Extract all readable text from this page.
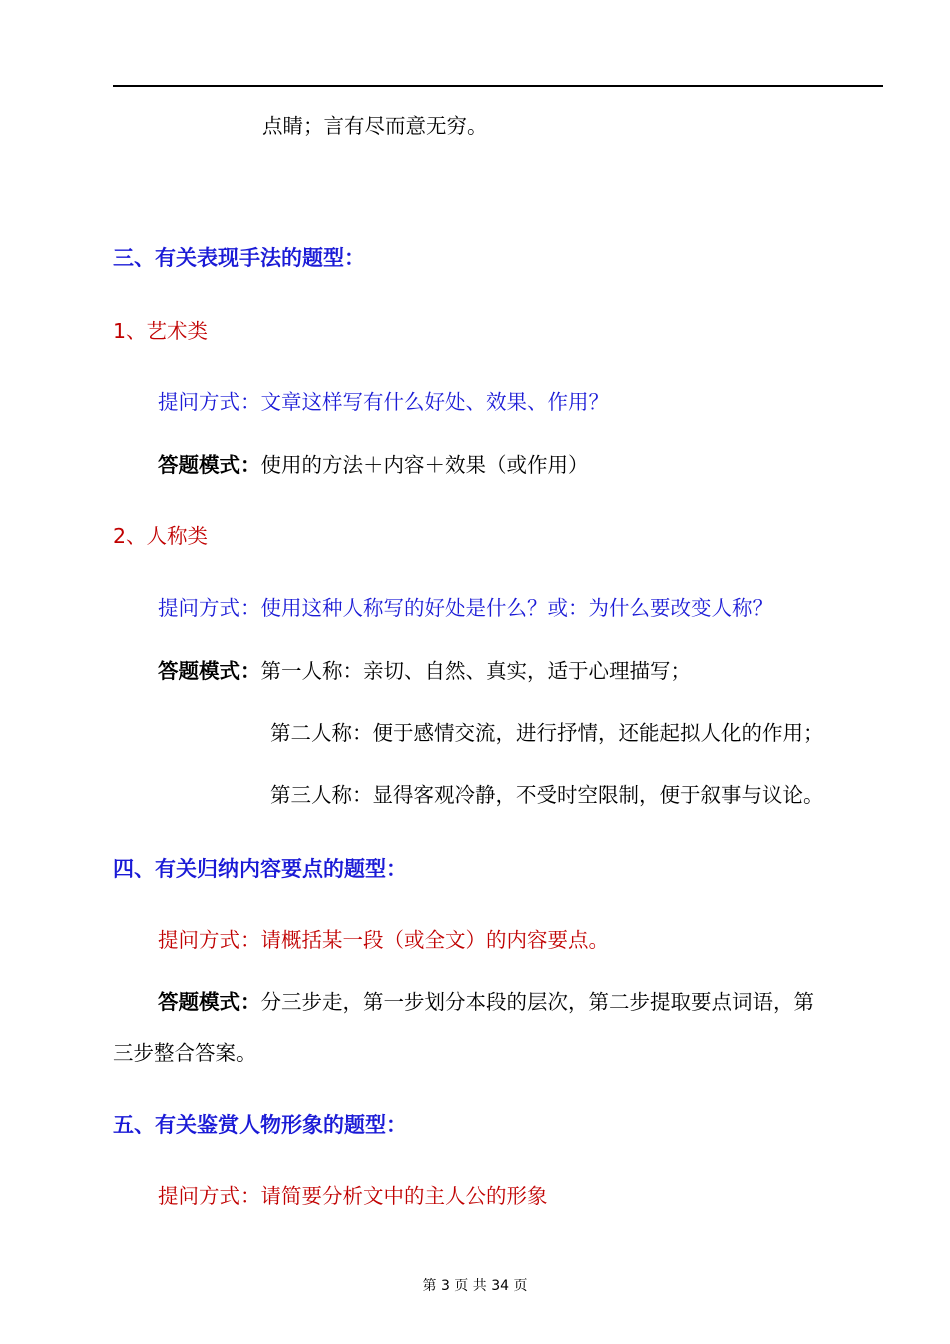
点睛；言有尽而意无穷。
三、有关表现手法的题型：
1、艺术类
提问方式：文章这样写有什么好处、效果、作用？
答题模式：使用的方法＋内容＋效果（或作用）
2、人称类
提问方式：使用这种人称写的好处是什么？或：为什么要改变人称？
答题模式：第一人称：亲切、自然、真实，适于心理描写；
第二人称：便于感情交流，进行抒情，还能起拟人化的作用；
第三人称：显得客观冷静，不受时空限制，便于叙事与议论。
四、有关归纳内容要点的题型：
提问方式：请概括某一段（或全文）的内容要点。
答题模式：分三步走，第一步划分本段的层次，第二步提取要点词语，第
三步整合答案。
五、有关鉴赏人物形象的题型：
提问方式：请简要分析文中的主人公的形象
第 3 页 共 34 页
